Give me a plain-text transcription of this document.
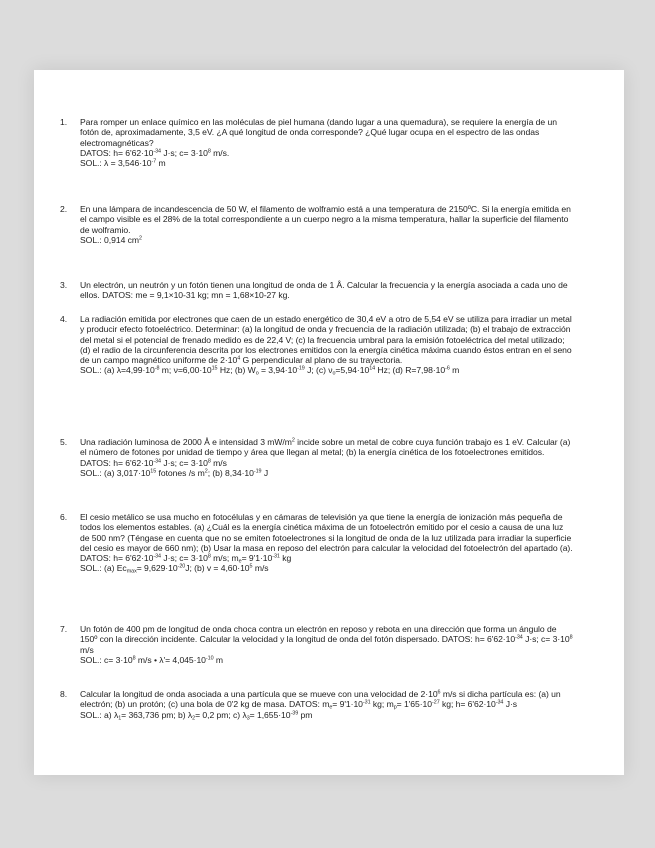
1.	Para romper un enlace químico en las moléculas de piel humana (dando lugar a una quemadura), se requiere la energía de un fotón de, aproximadamente, 3,5 eV. ¿A qué longitud de onda corresponde? ¿Qué lugar ocupa en el espectro de las ondas electromagnéticas?
DATOS: $h= 6'62\cdot 10^{-34}$ J·s; $c= 3\cdot 10^8$ m/s.
SOL.: $\lambda = 3,546\cdot 10^{-7}$ m
2.	En una lámpara de incandescencia de 50 W, el filamento de wolframio está a una temperatura de 2150ºC. Si la energía emitida en el campo visible es el 28% de la total correspondiente a un cuerpo negro a la misma temperatura, hallar la superficie del filamento de wolframio.
SOL.: 0,914 $cm^2$
3.	Un electrón, un neutrón y un fotón tienen una longitud de onda de 1 Å. Calcular la frecuencia y la energía asociada a cada uno de ellos. DATOS: me = 9,1×10-31 kg; mn = 1,68×10-27 kg.
4.	La radiación emitida por electrones que caen de un estado energético de 30,4 eV a otro de 5,54 eV se utiliza para irradiar un metal y producir efecto fotoeléctrico. Determinar: (a) la longitud de onda y frecuencia de la radiación utilizada; (b) el trabajo de extracción del metal si el potencial de frenado medido es de 22,4 V; (c) la frecuencia umbral para la emisión fotoeléctrica del metal utilizado; (d) el radio de la circunferencia descrita por los electrones emitidos con la energía cinética máxima cuando éstos entran en el seno de un campo magnético uniforme de $2\cdot 10^4$ G perpendicular al plano de su trayectoria.
SOL.: (a) $\lambda=4,99\cdot 10^{-8}$ m; $\nu=6,00\cdot 10^{15}$ Hz; (b) $W_o = 3,94\cdot 10^{-19}$ J; (c) $\nu_o=5,94\cdot 10^{14}$ Hz; (d) $R=7,98\cdot 10^{-6}$ m
5.	Una radiación luminosa de 2000 Å e intensidad 3 $mW/m^2$ incide sobre un metal de cobre cuya función trabajo es 1 eV. Calcular (a) el número de fotones por unidad de tiempo y área que llegan al metal; (b) la energía cinética de los fotoelectrones emitidos. DATOS: $h= 6'62\cdot 10^{-34}$ J·s; $c= 3\cdot 10^8$ m/s
SOL.: (a) $3,017\cdot 10^{15}$ fotones /s $m^2$; (b) $8,34\cdot 10^{-19}$ J
6.	El cesio metálico se usa mucho en fotocélulas y en cámaras de televisión ya que tiene la energía de ionización más pequeña de todos los elementos estables. (a) ¿Cuál es la energía cinética máxima de un fotoelectrón emitido por el cesio a causa de una luz de 500 nm? (Téngase en cuenta que no se emiten fotoelectrones si la longitud de onda de la luz utilizada para irradiar la superficie del cesio es mayor de 660 nm); (b) Usar la masa en reposo del electrón para calcular la velocidad del fotoelectrón del apartado (a). DATOS: $h= 6'62\cdot 10^{-34}$ J·s; $c= 3\cdot 10^8$ m/s; $m_e= 9'1\cdot 10^{-31}$ kg
SOL.: (a) $Ec_{max}= 9,629\cdot 10^{-20}J$; (b) $v = 4,60\cdot 10^5$ m/s
7.	Un fotón de 400 pm de longitud de onda choca contra un electrón en reposo y rebota en una dirección que forma un ángulo de 150º con la dirección incidente. Calcular la velocidad y la longitud de onda del fotón dispersado. DATOS: $h= 6'62\cdot 10^{-34}$ J·s; $c= 3\cdot 10^8$ m/s
SOL.: $c= 3\cdot 10^8$ m/s • $\lambda'= 4,045\cdot 10^{-10}$ m
8.	Calcular la longitud de onda asociada a una partícula que se mueve con una velocidad de $2\cdot 10^6$ m/s si dicha partícula es: (a) un electrón; (b) un protón; (c) una bola de 0'2 kg de masa. DATOS: $m_e= 9'1\cdot 10^{-31}$ kg; $m_p= 1'65\cdot 10^{-27}$ kg; $h= 6'62\cdot 10^{-34}$ J·s
SOL.: a) $\lambda_1= 363,736$ pm; b) $\lambda_2= 0,2$ pm; c) $\lambda_3= 1,655\cdot 10^{-39}$ pm
